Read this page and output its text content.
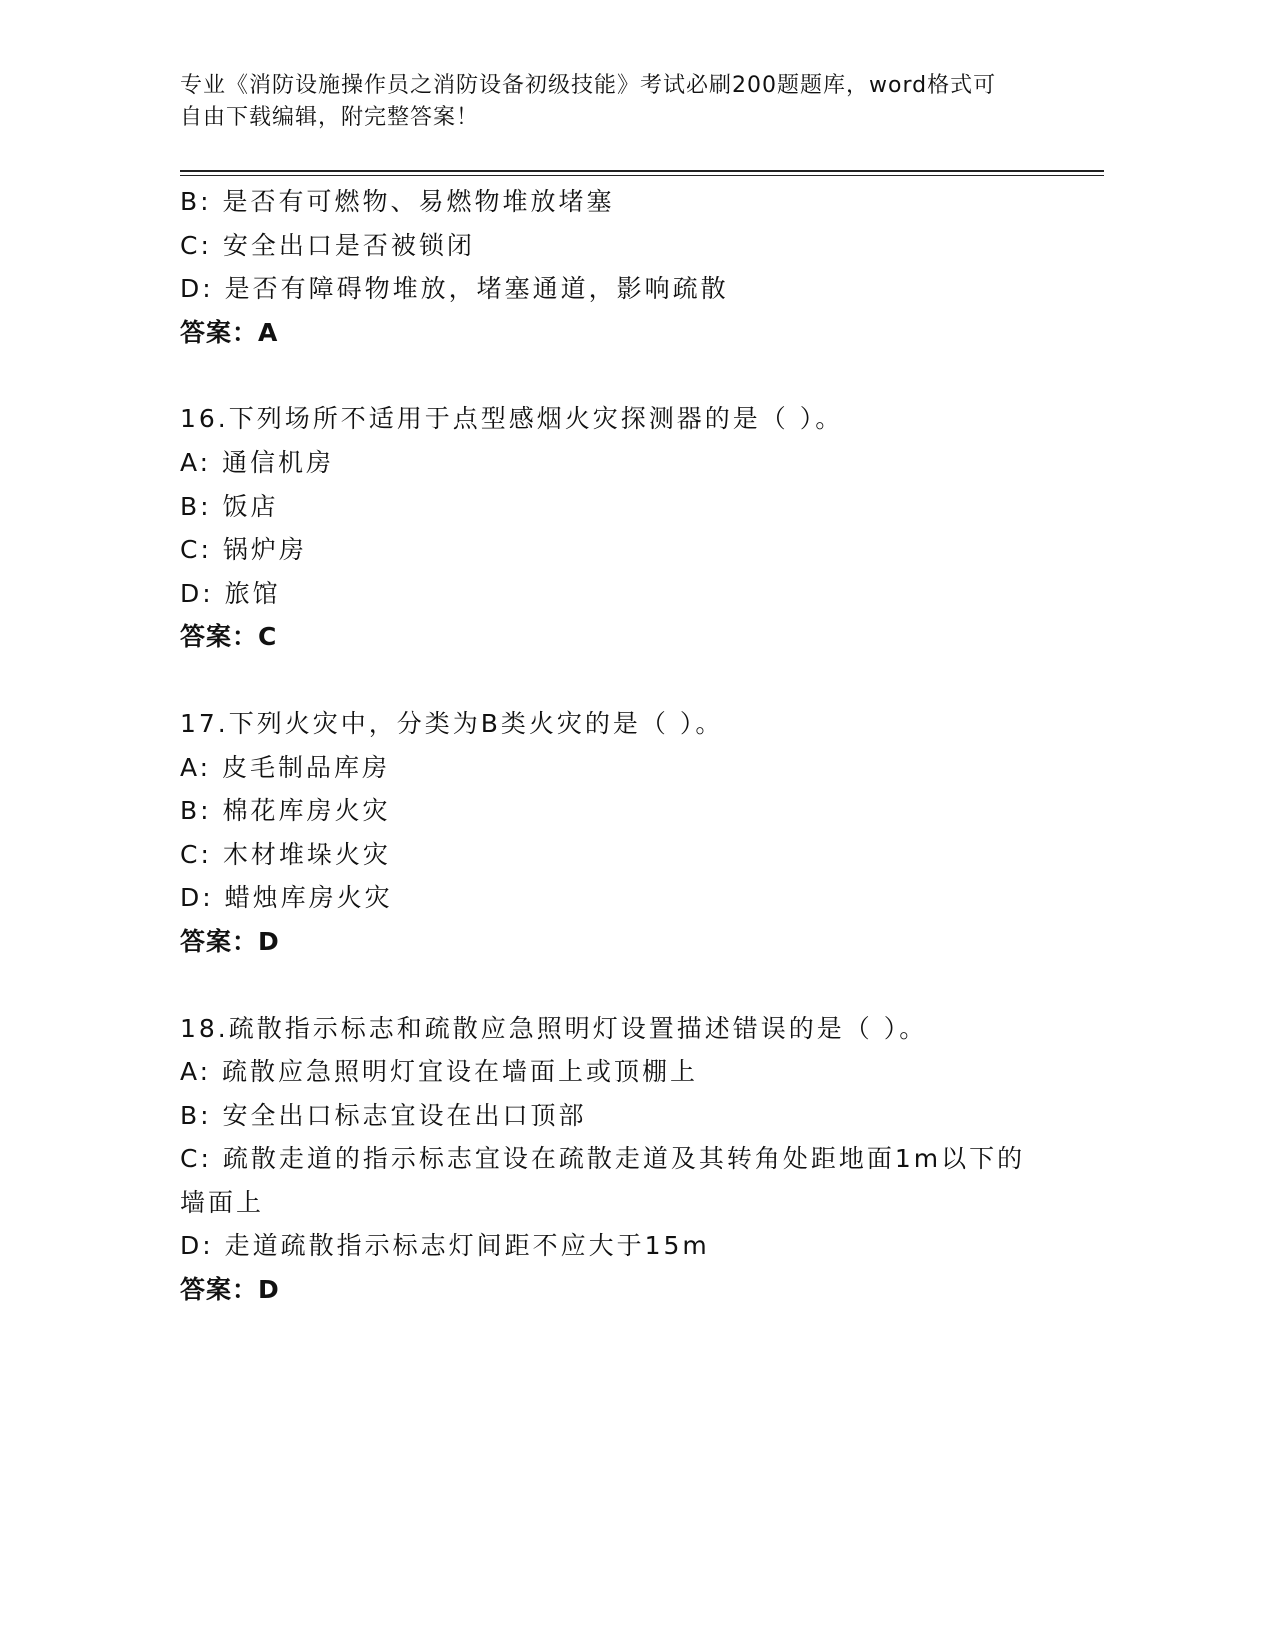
专业《消防设施操作员之消防设备初级技能》考试必刷200题题库，word格式可
自由下载编辑，附完整答案！
B: 是否有可燃物、易燃物堆放堵塞
C: 安全出口是否被锁闭
D: 是否有障碍物堆放，堵塞通道，影响疏散
答案：A
16.下列场所不适用于点型感烟火灾探测器的是（ ）。
A: 通信机房
B: 饭店
C: 锅炉房
D: 旅馆
答案：C
17.下列火灾中，分类为B类火灾的是（ ）。
A: 皮毛制品库房
B: 棉花库房火灾
C: 木材堆垛火灾
D: 蜡烛库房火灾
答案：D
18.疏散指示标志和疏散应急照明灯设置描述错误的是（ ）。
A: 疏散应急照明灯宜设在墙面上或顶棚上
B: 安全出口标志宜设在出口顶部
C: 疏散走道的指示标志宜设在疏散走道及其转角处距地面1m以下的
墙面上
D: 走道疏散指示标志灯间距不应大于15m
答案：D
